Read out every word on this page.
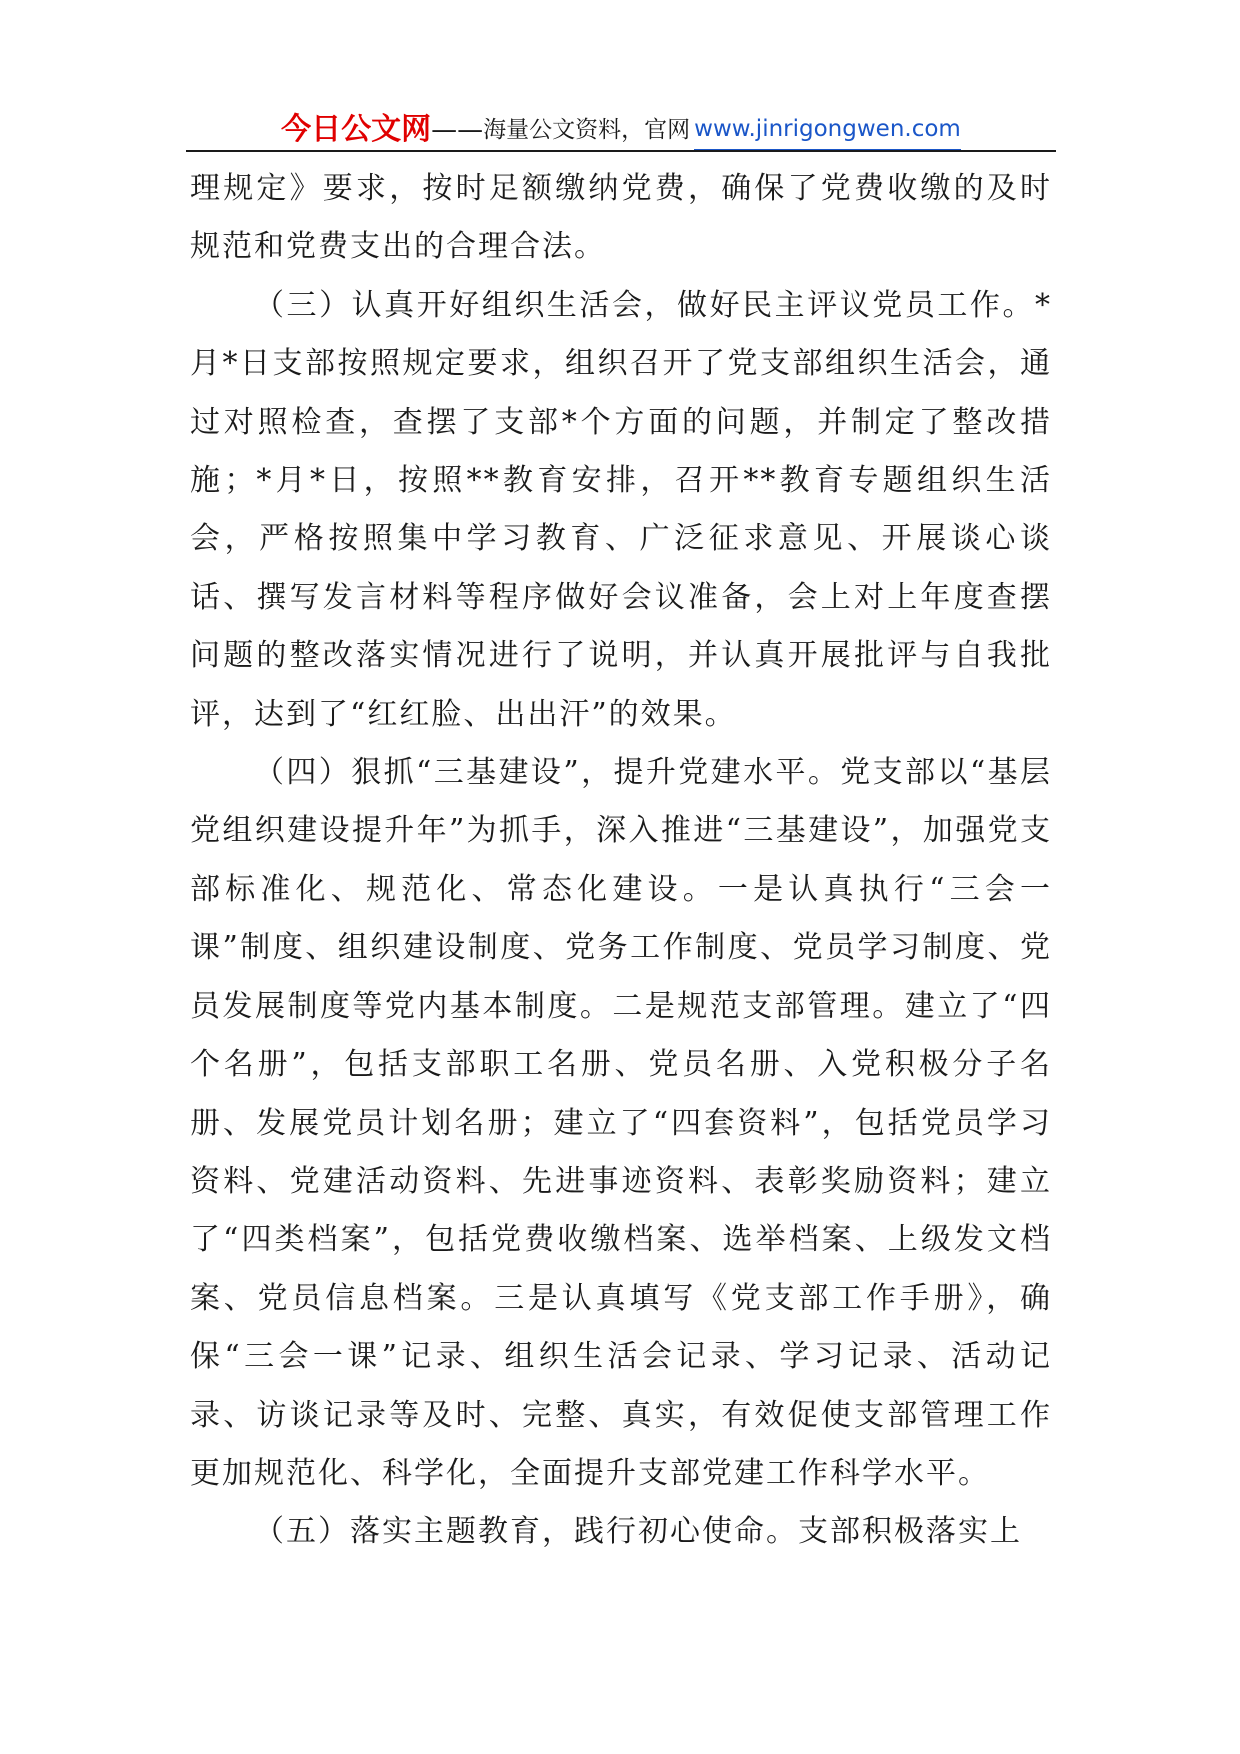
今日公文网 —— 海量公文资料，官网 www.jinrigongwen.com

理规定》要求，按时足额缴纳党费，确保了党费收缴的及时规范和党费支出的合理合法。

（三）认真开好组织生活会，做好民主评议党员工作。*月*日支部按照规定要求，组织召开了党支部组织生活会，通过对照检查，查摆了支部*个方面的问题，并制定了整改措施；*月*日，按照**教育安排，召开**教育专题组织生活会，严格按照集中学习教育、广泛征求意见、开展谈心谈话、撰写发言材料等程序做好会议准备，会上对上年度查摆问题的整改落实情况进行了说明，并认真开展批评与自我批评，达到了“红红脸、出出汗”的效果。

（四）狠抓“三基建设”，提升党建水平。党支部以“基层党组织建设提升年”为抓手，深入推进“三基建设”，加强党支部标准化、规范化、常态化建设。一是认真执行“三会一课”制度、组织建设制度、党务工作制度、党员学习制度、党员发展制度等党内基本制度。二是规范支部管理。建立了“四个名册”，包括支部职工名册、党员名册、入党积极分子名册、发展党员计划名册；建立了“四套资料”，包括党员学习资料、党建活动资料、先进事迹资料、表彰奖励资料；建立了“四类档案”，包括党费收缴档案、选举档案、上级发文档案、党员信息档案。三是认真填写《党支部工作手册》，确保“三会一课”记录、组织生活会记录、学习记录、活动记录、访谈记录等及时、完整、真实，有效促使支部管理工作更加规范化、科学化，全面提升支部党建工作科学水平。

（五）落实主题教育，践行初心使命。支部积极落实上
